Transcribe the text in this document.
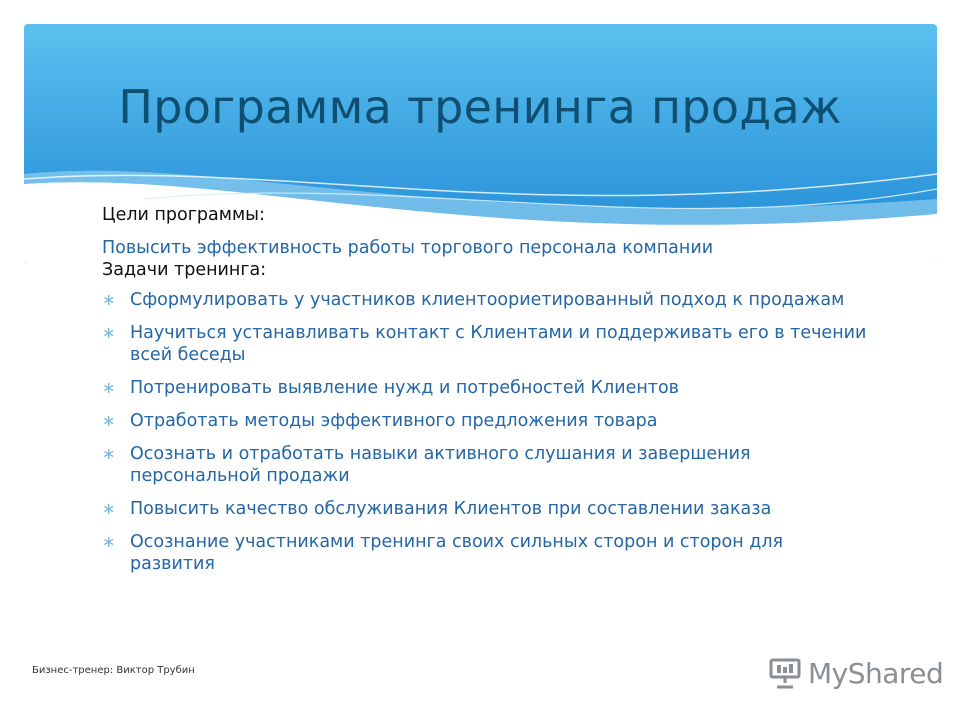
Программа тренинга продаж

Цели программы:

Повысить эффективность работы торгового персонала компании

Задачи тренинга:

∗ Сформулировать у участников клиентоориетированный подход к продажам
∗ Научиться устанавливать контакт с Клиентами и поддерживать его в течении всей беседы
∗ Потренировать выявление нужд и потребностей Клиентов
∗ Отработать методы эффективного предложения товара
∗ Осознать и отработать навыки активного слушания и завершения персональной продажи
∗ Повысить качество обслуживания Клиентов при составлении заказа
∗ Осознание участниками тренинга своих сильных сторон и сторон для развития
Бизнес-тренер: Виктор Трубин	MyShared
